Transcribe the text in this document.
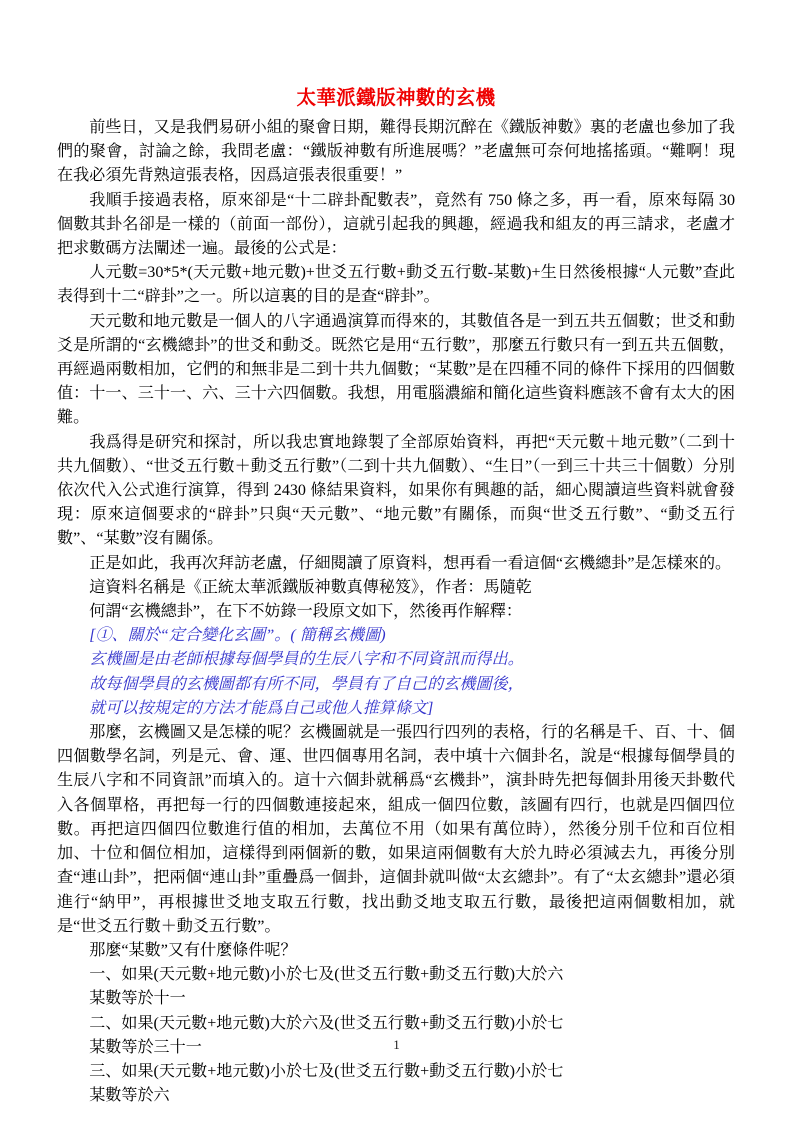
太華派鐵版神數的玄機

前些日，又是我們易研小組的聚會日期，難得長期沉醉在《鐵版神數》裏的老盧也參加了我們的聚會，討論之餘，我問老盧：“鐵版神數有所進展嗎？”老盧無可奈何地搖搖頭。“難啊！現在我必須先背熟這張表格，因爲這張表很重要！”

我順手接過表格，原來卻是“十二辟卦配數表”，竟然有 750 條之多，再一看，原來每隔 30 個數其卦名卻是一樣的（前面一部份），這就引起我的興趣，經過我和組友的再三請求，老盧才把求數碼方法闡述一遍。最後的公式是：

人元數=30*5*(天元數+地元數)+世爻五行數+動爻五行數-某數)+生日然後根據“人元數”查此表得到十二“辟卦”之一。所以這裏的目的是查“辟卦”。

天元數和地元數是一個人的八字通過演算而得來的，其數值各是一到五共五個數；世爻和動爻是所謂的“玄機總卦”的世爻和動爻。既然它是用“五行數”，那麼五行數只有一到五共五個數，再經過兩數相加，它們的和無非是二到十共九個數；“某數”是在四種不同的條件下採用的四個數值：十一、三十一、六、三十六四個數。我想，用電腦濃縮和簡化這些資料應該不會有太大的困難。

我爲得是研究和探討，所以我忠實地錄製了全部原始資料，再把“天元數＋地元數”（二到十共九個數）、“世爻五行數＋動爻五行數”（二到十共九個數）、“生日”（一到三十共三十個數）分別依次代入公式進行演算，得到 2430 條結果資料，如果你有興趣的話，細心閱讀這些資料就會發現：原來這個要求的“辟卦”只與“天元數”、“地元數”有關係，而與“世爻五行數”、“動爻五行數”、“某數”沒有關係。

正是如此，我再次拜訪老盧，仔細閱讀了原資料，想再看一看這個“玄機總卦”是怎樣來的。

這資料名稱是《正統太華派鐵版神數真傳秘笈》，作者：馬隨乾

何謂“玄機總卦”，在下不妨錄一段原文如下，然後再作解釋：

[①、關於“定合變化玄圖”。( 簡稱玄機圖)

玄機圖是由老師根據每個學員的生辰八字和不同資訊而得出。

故每個學員的玄機圖都有所不同，學員有了自己的玄機圖後，

就可以按規定的方法才能爲自己或他人推算條文]

那麼，玄機圖又是怎樣的呢？玄機圖就是一張四行四列的表格，行的名稱是千、百、十、個四個數學名詞，列是元、會、運、世四個專用名詞，表中填十六個卦名，說是“根據每個學員的生辰八字和不同資訊”而填入的。這十六個卦就稱爲“玄機卦”，演卦時先把每個卦用後天卦數代入各個單格，再把每一行的四個數連接起來，組成一個四位數，該圖有四行，也就是四個四位數。再把這四個四位數進行值的相加，去萬位不用（如果有萬位時），然後分別千位和百位相加、十位和個位相加，這樣得到兩個新的數，如果這兩個數有大於九時必須減去九，再後分別查“連山卦”，把兩個“連山卦”重疊爲一個卦，這個卦就叫做“太玄總卦”。有了“太玄總卦”還必須進行“納甲”，再根據世爻地支取五行數，找出動爻地支取五行數，最後把這兩個數相加，就是“世爻五行數＋動爻五行數”。

那麼“某數”又有什麼條件呢？

一、如果(天元數+地元數)小於七及(世爻五行數+動爻五行數)大於六

某數等於十一

二、如果(天元數+地元數)大於六及(世爻五行數+動爻五行數)小於七

某數等於三十一

三、如果(天元數+地元數)小於七及(世爻五行數+動爻五行數)小於七

某數等於六

1
